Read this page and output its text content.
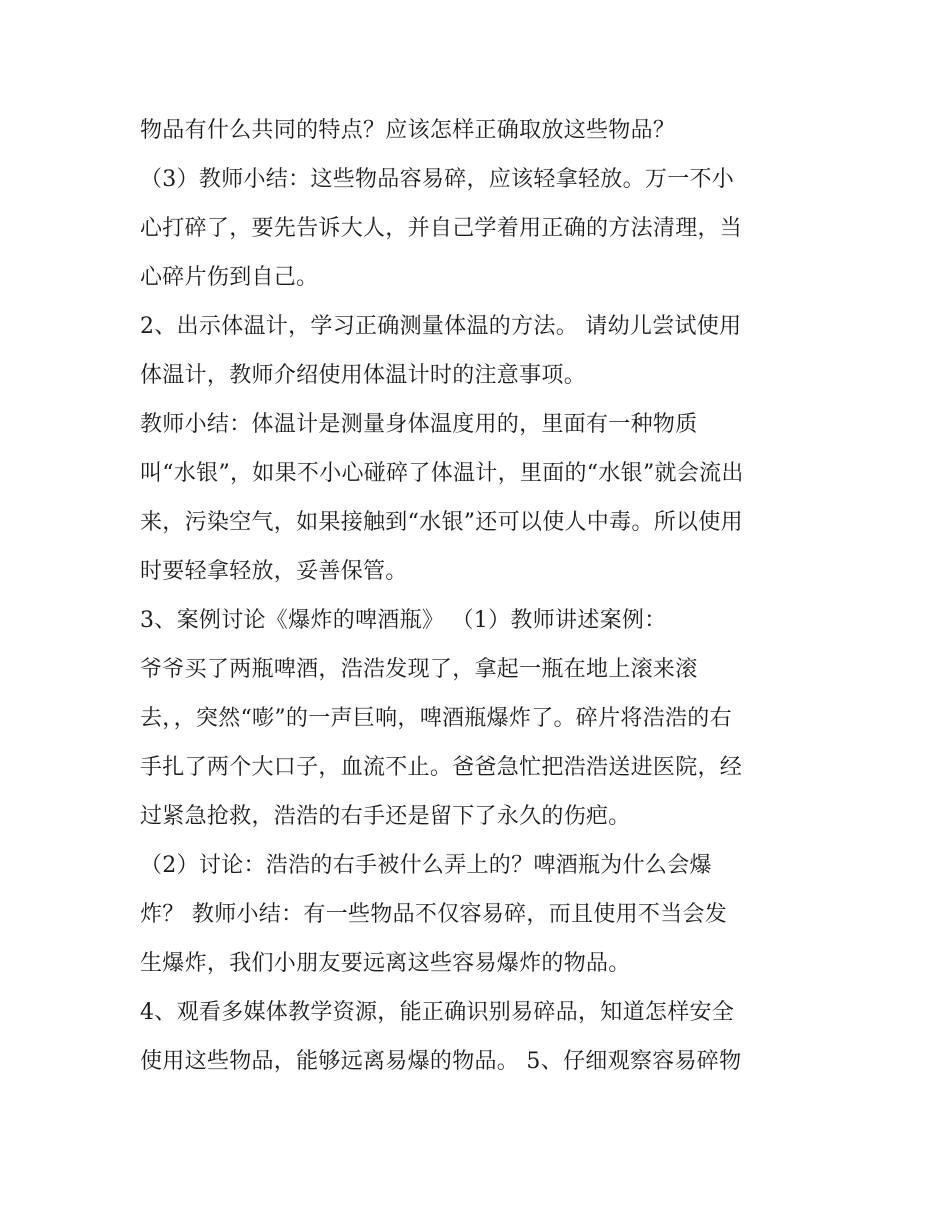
物品有什么共同的特点？应该怎样正确取放这些物品？
（3）教师小结：这些物品容易碎，应该轻拿轻放。万一不小
心打碎了，要先告诉大人，并自己学着用正确的方法清理，当
心碎片伤到自己。
2、出示体温计，学习正确测量体温的方法。 请幼儿尝试使用
体温计，教师介绍使用体温计时的注意事项。
教师小结：体温计是测量身体温度用的，里面有一种物质
叫“水银”，如果不小心碰碎了体温计，里面的“水银”就会流出
来，污染空气，如果接触到“水银”还可以使人中毒。所以使用
时要轻拿轻放，妥善保管。
3、案例讨论《爆炸的啤酒瓶》 （1）教师讲述案例：
爷爷买了两瓶啤酒，浩浩发现了，拿起一瓶在地上滚来滚
去，，突然“嘭”的一声巨响，啤酒瓶爆炸了。碎片将浩浩的右
手扎了两个大口子，血流不止。爸爸急忙把浩浩送进医院，经
过紧急抢救，浩浩的右手还是留下了永久的伤疤。
（2）讨论：浩浩的右手被什么弄上的？啤酒瓶为什么会爆
炸？ 教师小结：有一些物品不仅容易碎，而且使用不当会发
生爆炸，我们小朋友要远离这些容易爆炸的物品。
4、观看多媒体教学资源，能正确识别易碎品，知道怎样安全
使用这些物品，能够远离易爆的物品。 5、仔细观察容易碎物
